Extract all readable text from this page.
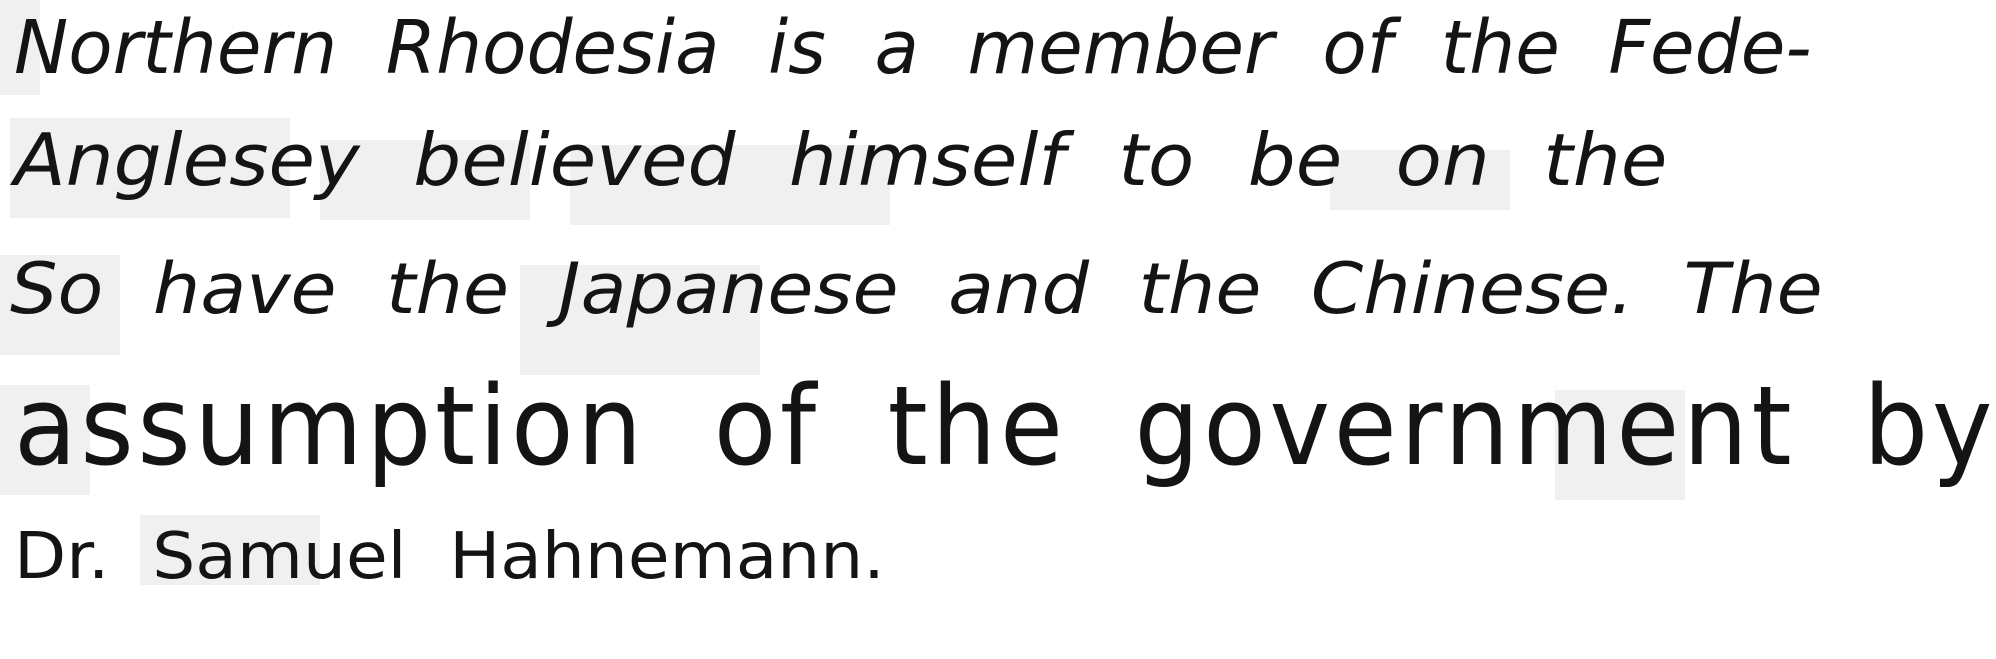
Northern Rhodesia is a member of the Fede-
Anglesey believed himself to be on the
So have the Japanese and the Chinese. The
assumption of the government by
Dr. Samuel Hahnemann.
